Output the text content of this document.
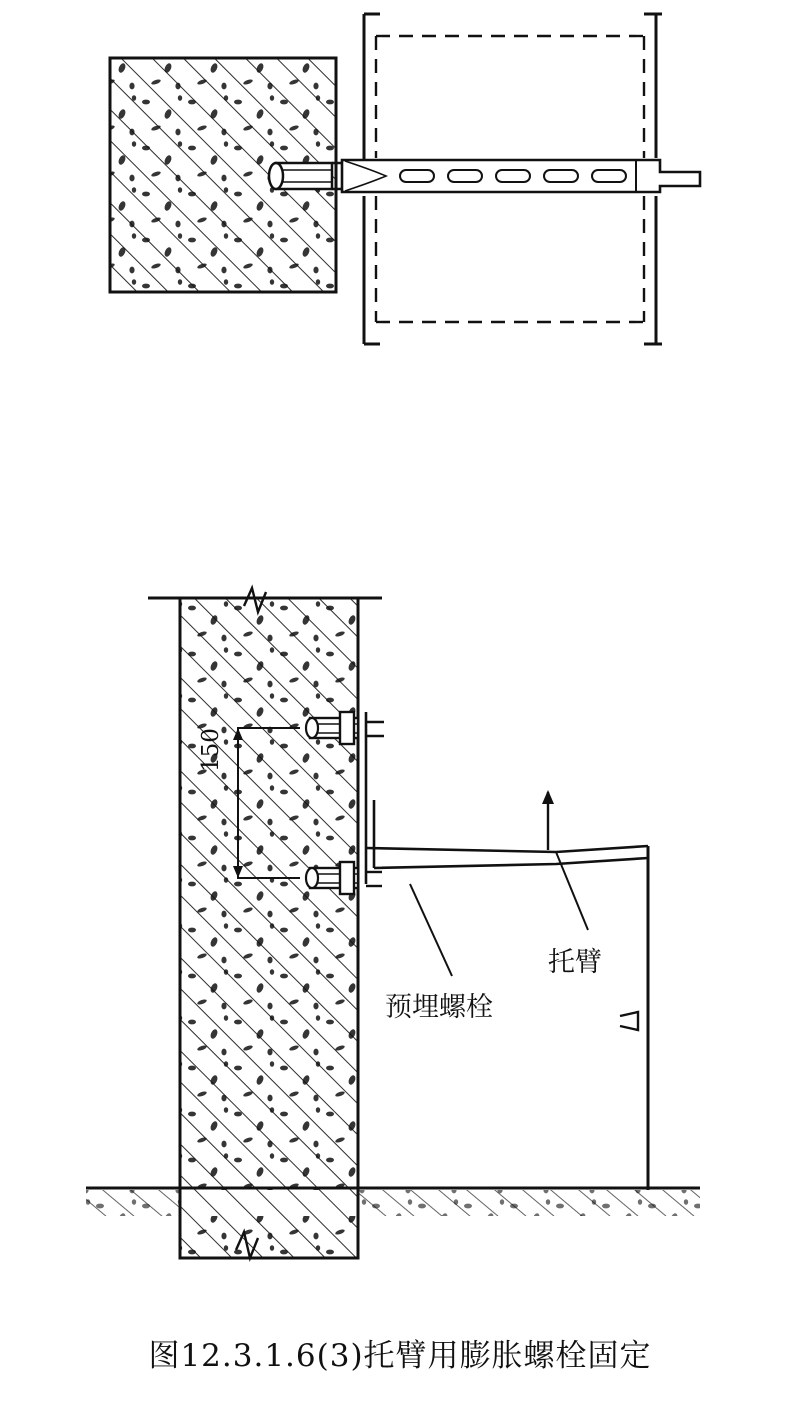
150
托臂
预埋螺栓
图12.3.1.6(3)托臂用膨胀螺栓固定
